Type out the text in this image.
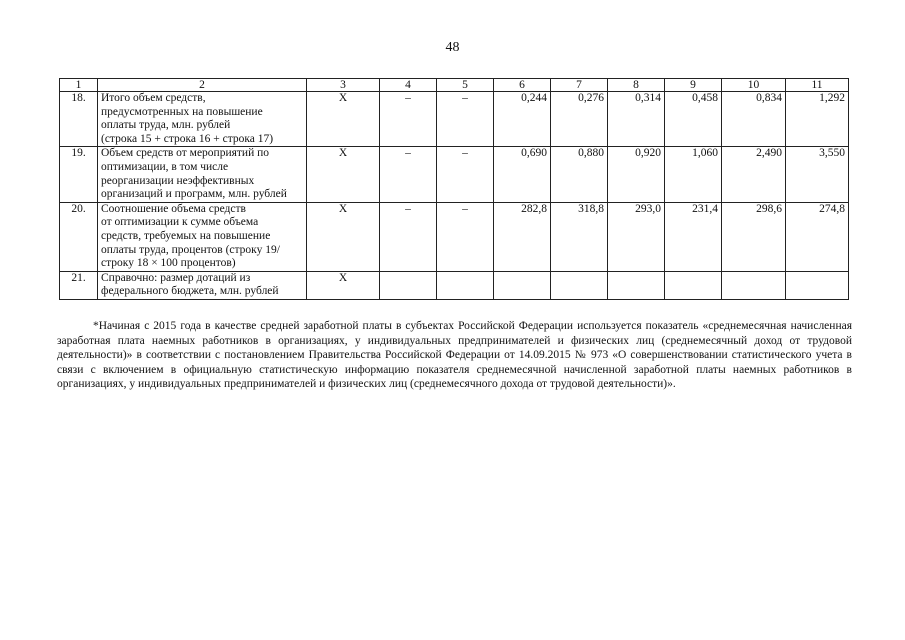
48
1	2	3	4	5	6	7	8	9	10	11
18.	Итого объем средств,
предусмотренных на повышение
оплаты труда, млн. рублей
(строка 15 + строка 16 + строка 17)	X	–	–	0,244	0,276	0,314	0,458	0,834	1,292
19.	Объем средств от мероприятий по
оптимизации, в том числе
реорганизации неэффективных
организаций и программ, млн. рублей	X	–	–	0,690	0,880	0,920	1,060	2,490	3,550
20.	Соотношение объема средств
от оптимизации к сумме объема
средств, требуемых на повышение
оплаты труда, процентов (строку 19/
строку 18 × 100 процентов)	X	–	–	282,8	318,8	293,0	231,4	298,6	274,8
21.	Справочно: размер дотаций из
федерального бюджета, млн. рублей	X								

*Начиная с 2015 года в качестве средней заработной платы в субъектах Российской Федерации используется показатель «среднемесячная начисленная заработная плата наемных работников в организациях, у индивидуальных предпринимателей и физических лиц (среднемесячный доход от трудовой деятельности)» в соответствии с постановлением Правительства Российской Федерации от 14.09.2015 № 973 «О совершенствовании статистического учета в связи с включением в официальную статистическую информацию показателя среднемесячной начисленной заработной платы наемных работников в организациях, у индивидуальных предпринимателей и физических лиц (среднемесячного дохода от трудовой деятельности)».
